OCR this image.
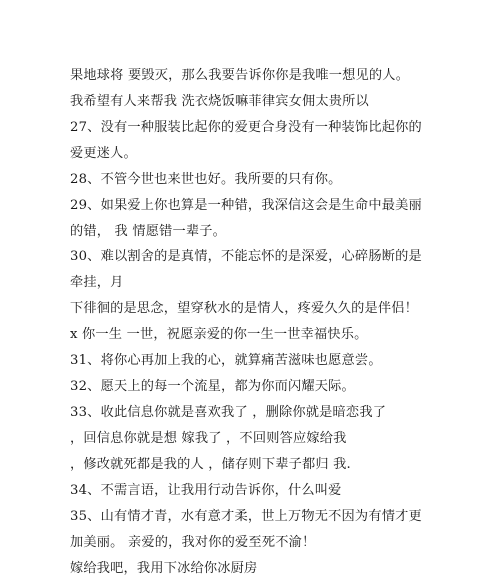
果地球将 要毁灭，那么我要告诉你你是我唯一想见的人。
我希望有人来帮我 洗衣烧饭嘛菲律宾女佣太贵所以
27、没有一种服装比起你的爱更合身没有一种装饰比起你的
爱更迷人。
28、不管今世也来世也好。我所要的只有你。
29、如果爱上你也算是一种错，我深信这会是生命中最美丽
的错， 我 情愿错一辈子。
30、难以割舍的是真情，不能忘怀的是深爱，心碎肠断的是
牵挂，月
下徘徊的是思念，望穿秋水的是情人，疼爱久久的是伴侣！
x 你一生 一世，祝愿亲爱的你一生一世幸福快乐。
31、将你心再加上我的心，就算痛苦滋味也愿意尝。
32、愿天上的每一个流星，都为你而闪耀天际。
33、收此信息你就是喜欢我了 ，删除你就是暗恋我了
，回信息你就是想 嫁我了 ，不回则答应嫁给我
，修改就死都是我的人 ，储存则下辈子都归 我.
34、不需言语，让我用行动告诉你，什么叫爱
35、山有情才青，水有意才柔，世上万物无不因为有情才更
加美丽。 亲爱的，我对你的爱至死不渝！
嫁给我吧，我用下冰给你冰厨房
